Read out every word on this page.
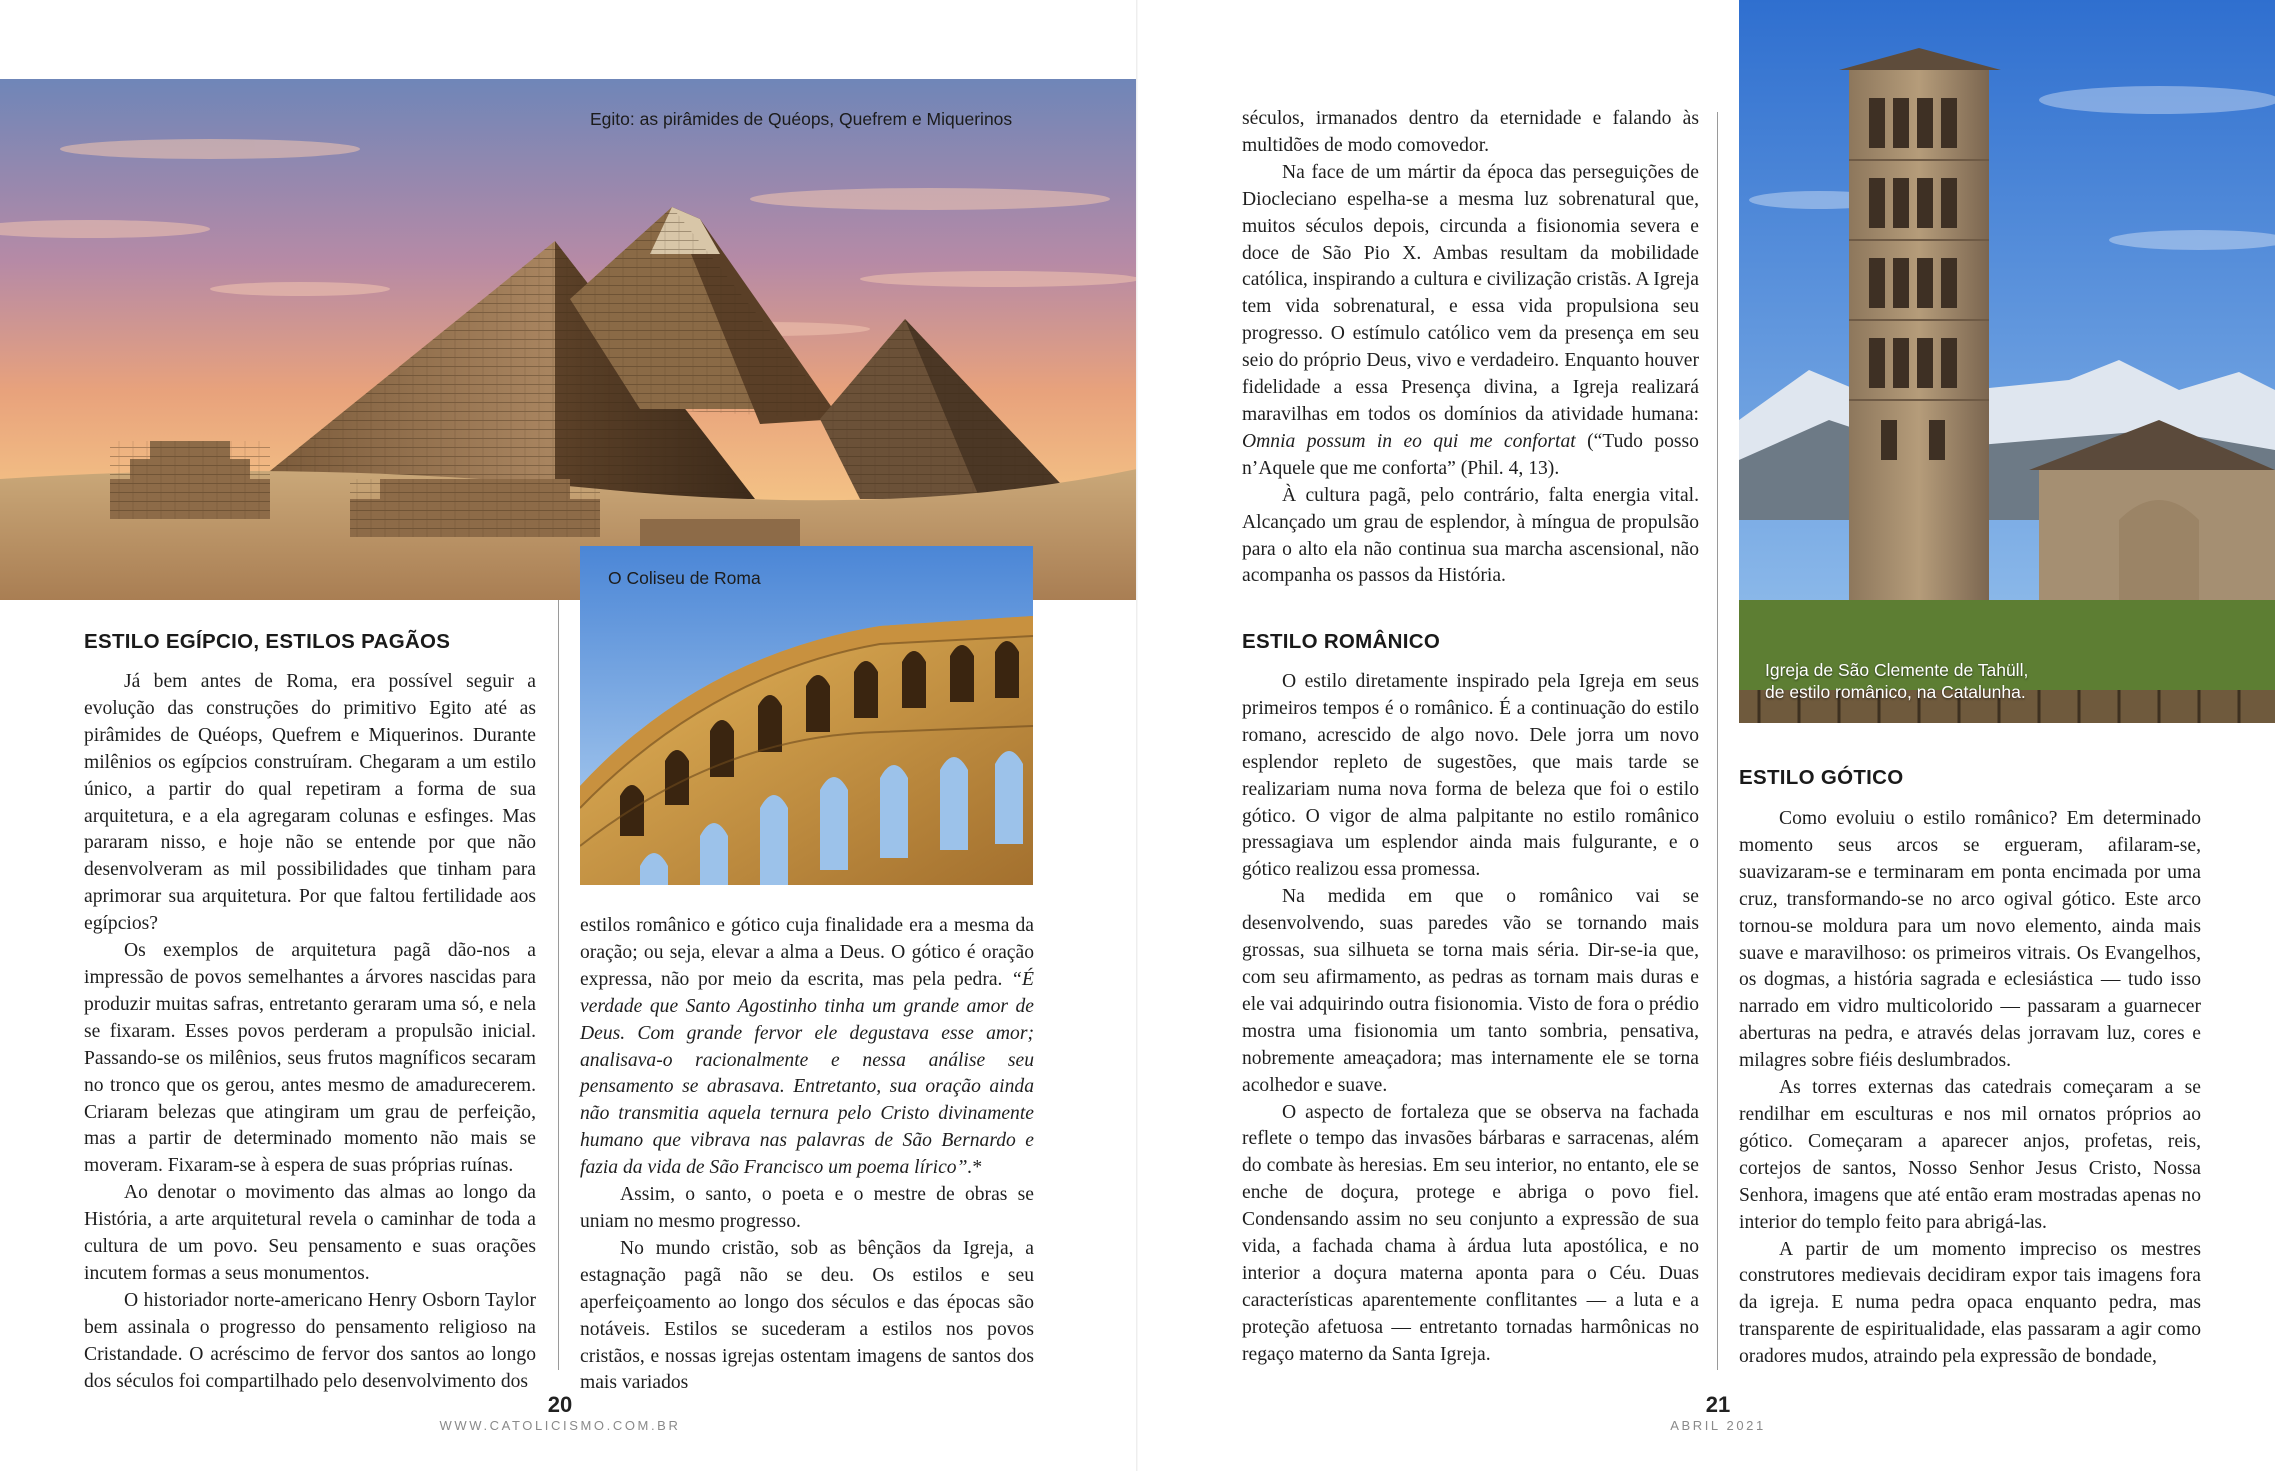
Egito: as pirâmides de Quéops, Quefrem e Miquerinos
O Coliseu de Roma
ESTILO EGÍPCIO, ESTILOS PAGÃOS

Já bem antes de Roma, era possível seguir a evolução das construções do primitivo Egito até as pirâmides de Quéops, Quefrem e Miquerinos. Durante milênios os egípcios construíram. Chegaram a um estilo único, a partir do qual repetiram a forma de sua arquitetura, e a ela agregaram colunas e esfinges. Mas pararam nisso, e hoje não se entende por que não desenvolveram as mil possibilidades que tinham para aprimorar sua arquitetura. Por que faltou fertilidade aos egípcios?

Os exemplos de arquitetura pagã dão-nos a impressão de povos semelhantes a árvores nascidas para produzir muitas safras, entretanto geraram uma só, e nela se fixaram. Esses povos perderam a propulsão inicial. Passando-se os milênios, seus frutos magníficos secaram no tronco que os gerou, antes mesmo de amadurecerem. Criaram belezas que atingiram um grau de perfeição, mas a partir de determinado momento não mais se moveram. Fixaram-se à espera de suas próprias ruínas.

Ao denotar o movimento das almas ao longo da História, a arte arquitetural revela o caminhar de toda a cultura de um povo. Seu pensamento e suas orações incutem formas a seus monumentos.

O historiador norte-americano Henry Osborn Taylor bem assinala o progresso do pensamento religioso na Cristandade. O acréscimo de fervor dos santos ao longo dos séculos foi compartilhado pelo desenvolvimento dos

estilos românico e gótico cuja finalidade era a mesma da oração; ou seja, elevar a alma a Deus. O gótico é oração expressa, não por meio da escrita, mas pela pedra. “É verdade que Santo Agostinho tinha um grande amor de Deus. Com grande fervor ele degustava esse amor; analisava-o racionalmente e nessa análise seu pensamento se abrasava. Entretanto, sua oração ainda não transmitia aquela ternura pelo Cristo divinamente humano que vibrava nas palavras de São Bernardo e fazia da vida de São Francisco um poema lírico”.*

Assim, o santo, o poeta e o mestre de obras se uniam no mesmo progresso.

No mundo cristão, sob as bênçãos da Igreja, a estagnação pagã não se deu. Os estilos e seu aperfeiçoamento ao longo dos séculos e das épocas são notáveis. Estilos se sucederam a estilos nos povos cristãos, e nossas igrejas ostentam imagens de santos dos mais variados

20
WWW.CATOLICISMO.COM.BR

séculos, irmanados dentro da eternidade e falando às multidões de modo comovedor.

Na face de um mártir da época das perseguições de Diocleciano espelha-se a mesma luz sobrenatural que, muitos séculos depois, circunda a fisionomia severa e doce de São Pio X. Ambas resultam da mobilidade católica, inspirando a cultura e civilização cristãs. A Igreja tem vida sobrenatural, e essa vida propulsiona seu progresso. O estímulo católico vem da presença em seu seio do próprio Deus, vivo e verdadeiro. Enquanto houver fidelidade a essa Presença divina, a Igreja realizará maravilhas em todos os domínios da atividade humana: Omnia possum in eo qui me confortat (“Tudo posso n’Aquele que me conforta” (Phil. 4, 13).

À cultura pagã, pelo contrário, falta energia vital. Alcançado um grau de esplendor, à míngua de propulsão para o alto ela não continua sua marcha ascensional, não acompanha os passos da História.

ESTILO ROMÂNICO

O estilo diretamente inspirado pela Igreja em seus primeiros tempos é o românico. É a continuação do estilo romano, acrescido de algo novo. Dele jorra um novo esplendor repleto de sugestões, que mais tarde se realizariam numa nova forma de beleza que foi o estilo gótico. O vigor de alma palpitante no estilo românico pressagiava um esplendor ainda mais fulgurante, e o gótico realizou essa promessa.

Na medida em que o românico vai se desenvolvendo, suas paredes vão se tornando mais grossas, sua silhueta se torna mais séria. Dir-se-ia que, com seu afirmamento, as pedras as tornam mais duras e ele vai adquirindo outra fisionomia. Visto de fora o prédio mostra uma fisionomia um tanto sombria, pensativa, nobremente ameaçadora; mas internamente ele se torna acolhedor e suave.

O aspecto de fortaleza que se observa na fachada reflete o tempo das invasões bárbaras e sarracenas, além do combate às heresias. Em seu interior, no entanto, ele se enche de doçura, protege e abriga o povo fiel. Condensando assim no seu conjunto a expressão de sua vida, a fachada chama à árdua luta apostólica, e no interior a doçura materna aponta para o Céu. Duas características aparentemente conflitantes — a luta e a proteção afetuosa — entretanto tornadas harmônicas no regaço materno da Santa Igreja.

Igreja de São Clemente de Tahüll,
de estilo românico, na Catalunha.
ESTILO GÓTICO

Como evoluiu o estilo românico? Em determinado momento seus arcos se ergueram, afilaram-se, suavizaram-se e terminaram em ponta encimada por uma cruz, transformando-se no arco ogival gótico. Este arco tornou-se moldura para um novo elemento, ainda mais suave e maravilhoso: os primeiros vitrais. Os Evangelhos, os dogmas, a história sagrada e eclesiástica — tudo isso narrado em vidro multicolorido — passaram a guarnecer aberturas na pedra, e através delas jorravam luz, cores e milagres sobre fiéis deslumbrados.

As torres externas das catedrais começaram a se rendilhar em esculturas e nos mil ornatos próprios ao gótico. Começaram a aparecer anjos, profetas, reis, cortejos de santos, Nosso Senhor Jesus Cristo, Nossa Senhora, imagens que até então eram mostradas apenas no interior do templo feito para abrigá-las.

A partir de um momento impreciso os mestres construtores medievais decidiram expor tais imagens fora da igreja. E numa pedra opaca enquanto pedra, mas transparente de espiritualidade, elas passaram a agir como oradores mudos, atraindo pela expressão de bondade,

21
ABRIL 2021
